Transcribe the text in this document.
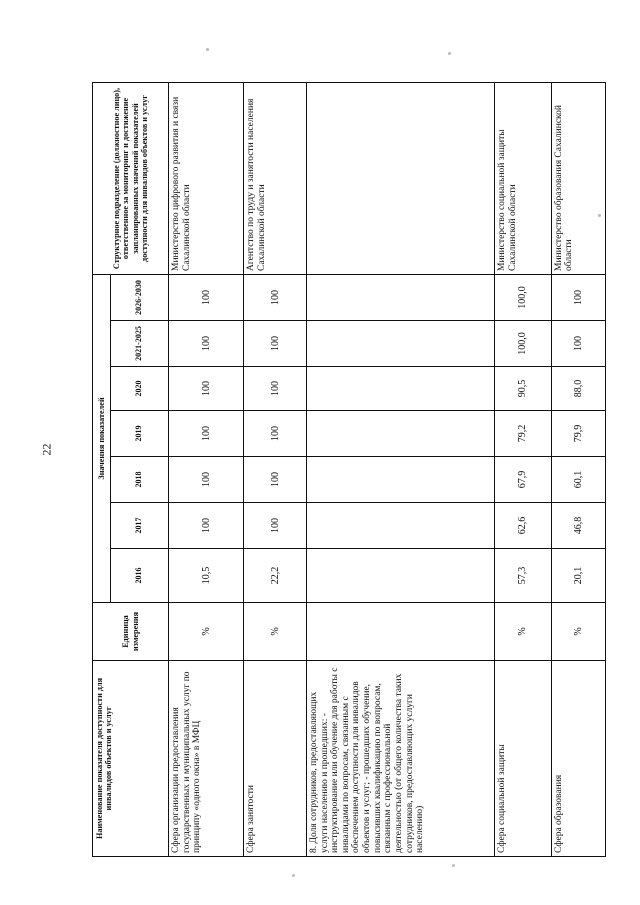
22
Наименование показателя доступности для инвалидов объектов и услуг	Единица измерения	Значения показателей							Структурное подразделение (должностное лицо), ответственное за мониторинг и достижение запланированных значений показателей доступности для инвалидов объектов и услуг
		2016	2017	2018	2019	2020	2021-2025	2026-2030	
Сфера организации предоставления государственных и муниципальных услуг по принципу «одного окна» в МФЦ	%	10,5	100	100	100	100	100	100	Министерство цифрового развития и связи Сахалинской области
Сфера занятости	%	22,2	100	100	100	100	100	100	Агентство по труду и занятости населения Сахалинской области
8. Доля сотрудников, предоставляющих услуги населению и прошедших: - инструктирование или обучение для работы с инвалидами по вопросам, связанным с обеспечением доступности для инвалидов объектов и услуг; - прошедших обучение, повысивших квалификацию по вопросам, связанным с профессиональной деятельностью (от общего количества таких сотрудников, предоставляющих услуги населению)									
Сфера социальной защиты	%	57,3	62,6	67,9	79,2	90,5	100,0	100,0	Министерство социальной защиты Сахалинской области
Сфера образования	%	20,1	46,8	60,1	79,9	88,0	100	100	Министерство образования Сахалинской области
